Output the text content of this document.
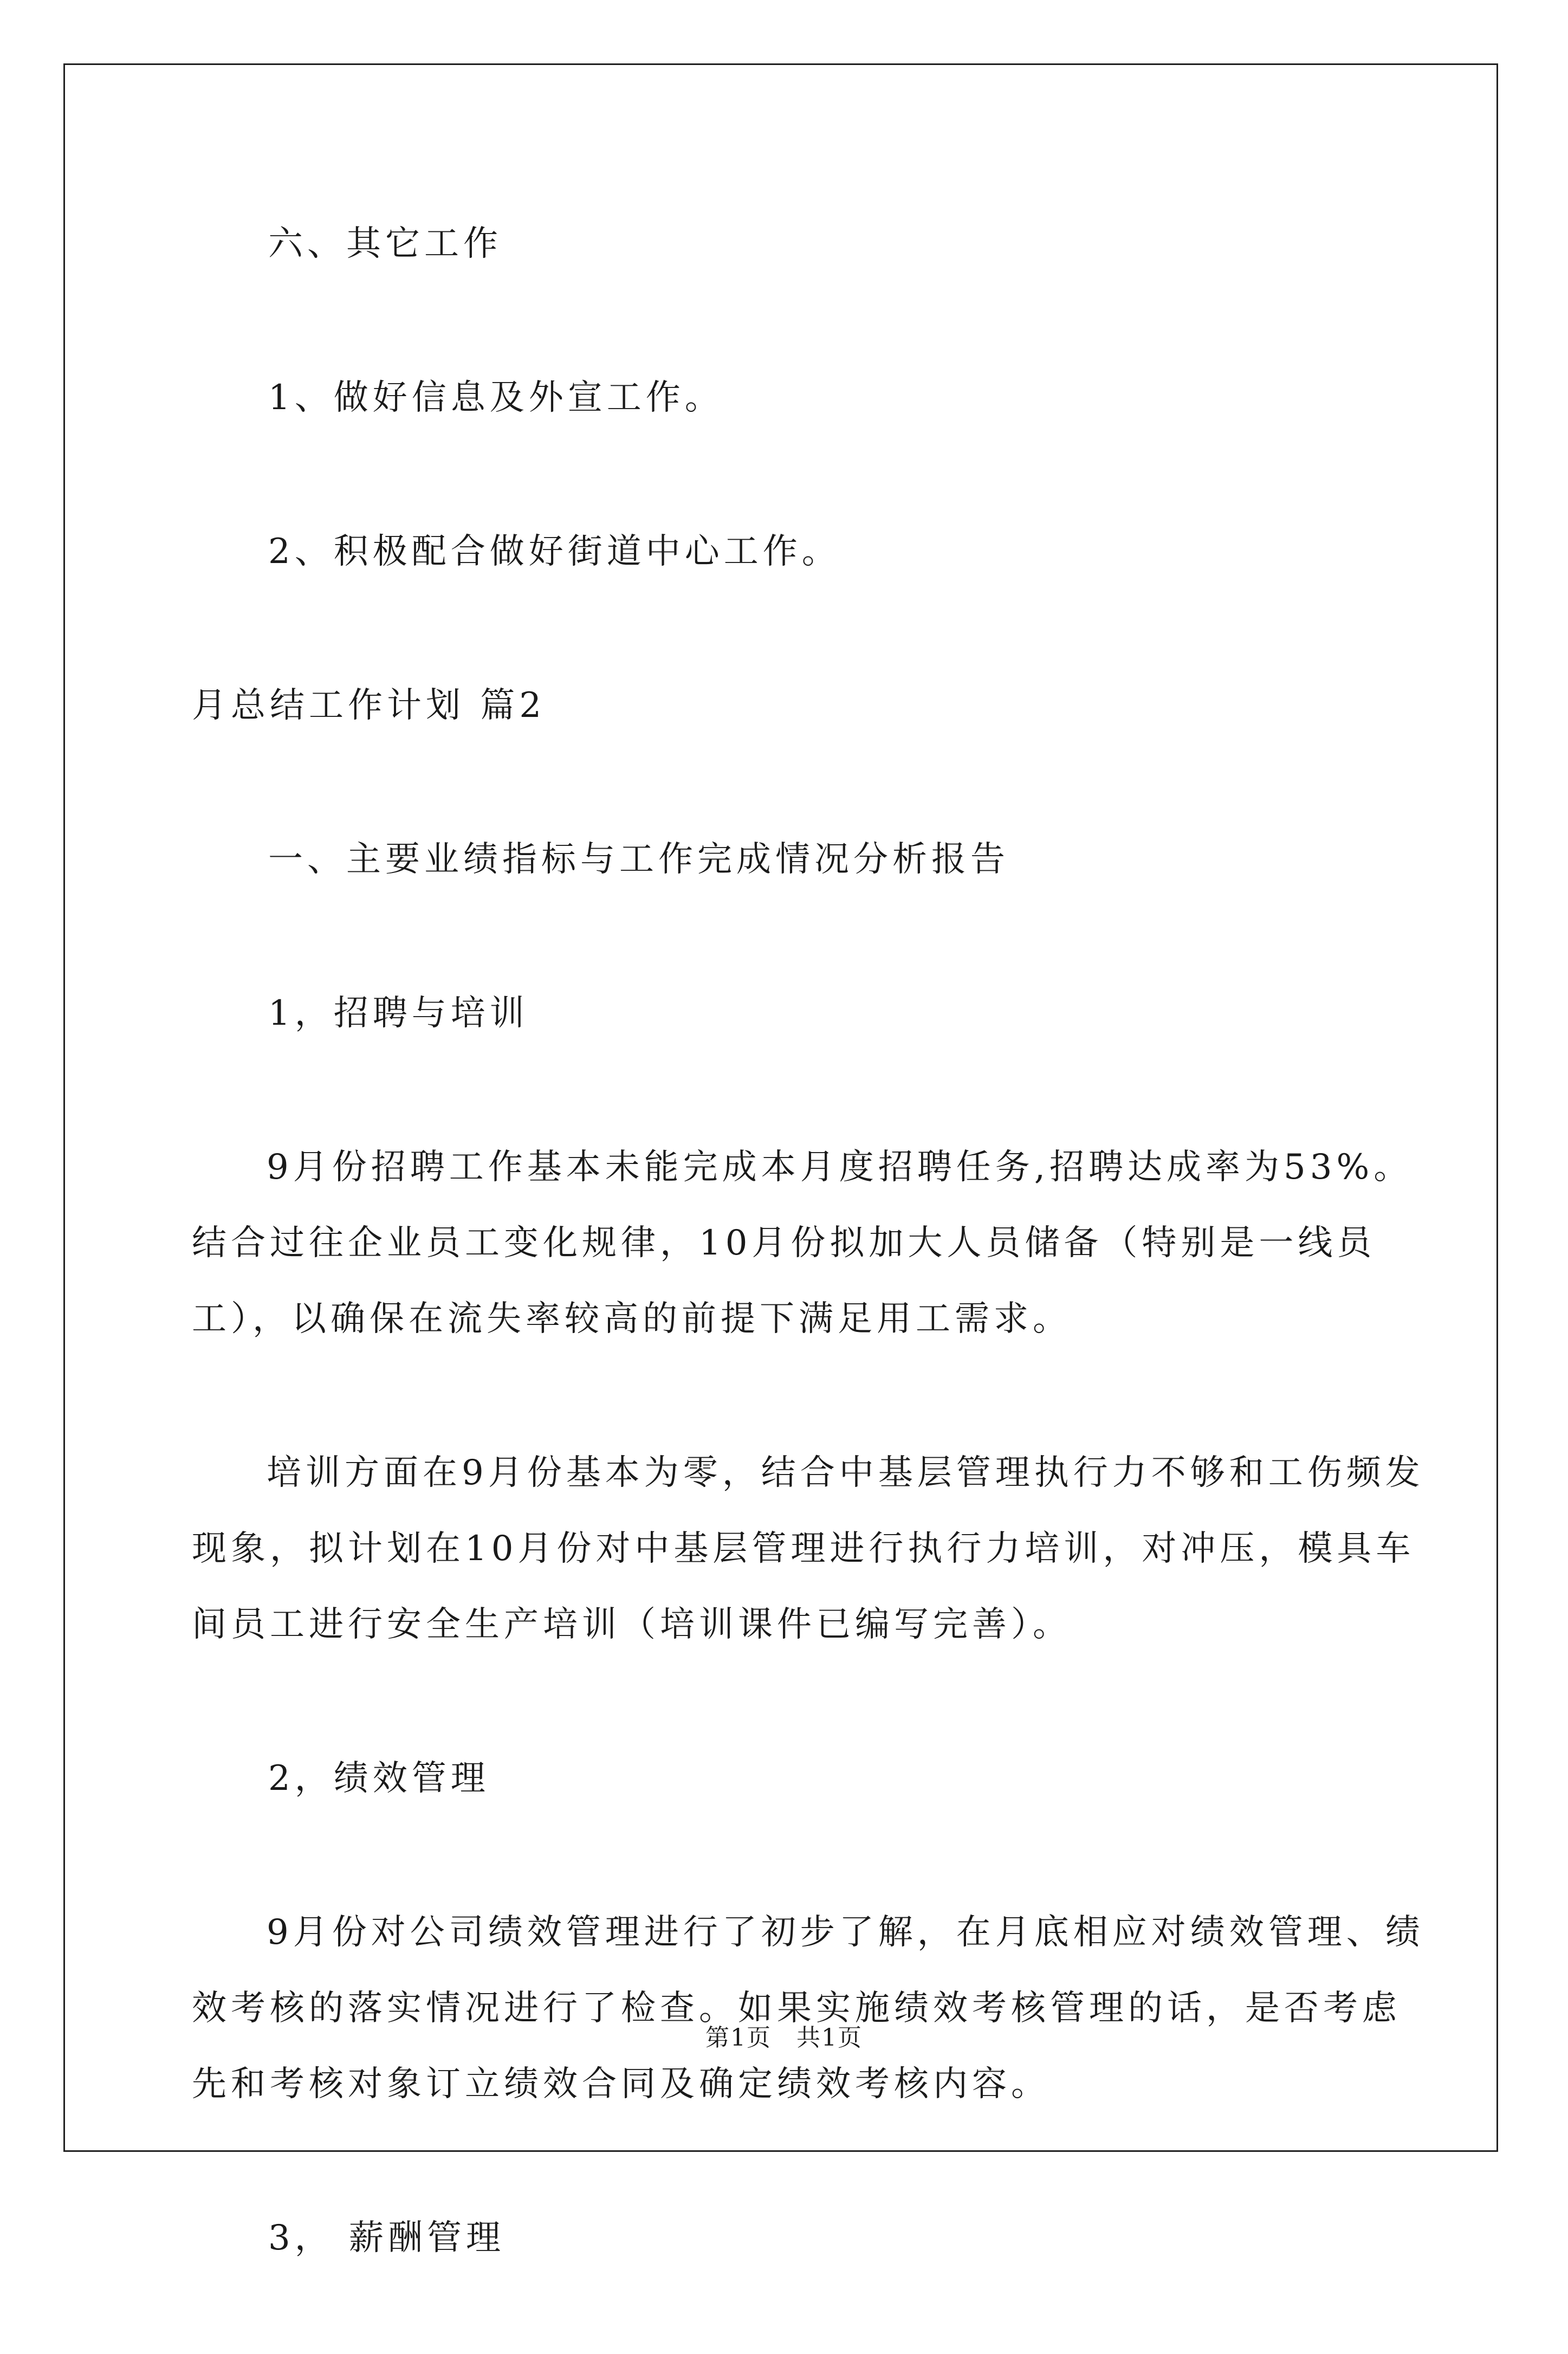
六、其它工作

1、做好信息及外宣工作。

2、积极配合做好街道中心工作。

月总结工作计划 篇2

一、主要业绩指标与工作完成情况分析报告

1，招聘与培训

9月份招聘工作基本未能完成本月度招聘任务,招聘达成率为53%。结合过往企业员工变化规律，10月份拟加大人员储备（特别是一线员工），以确保在流失率较高的前提下满足用工需求。

培训方面在9月份基本为零，结合中基层管理执行力不够和工伤频发现象，拟计划在10月份对中基层管理进行执行力培训，对冲压，模具车间员工进行安全生产培训（培训课件已编写完善）。

2，绩效管理

9月份对公司绩效管理进行了初步了解，在月底相应对绩效管理、绩效考核的落实情况进行了检查。如果实施绩效考核管理的话，是否考虑先和考核对象订立绩效合同及确定绩效考核内容。

3， 薪酬管理

第1页　共1页
